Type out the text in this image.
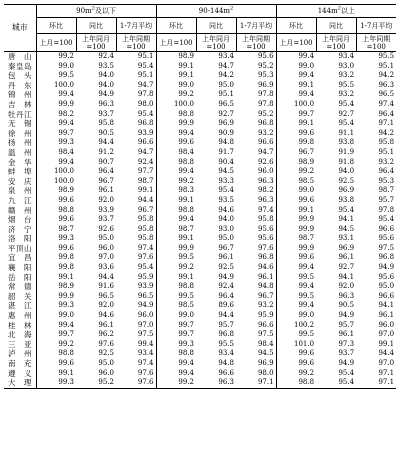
城市	$90m^2$及以下			$90-144m^2$			$144m^2$以上		
	环比	同比	1-7月平均	环比	同比	1-7月平均	环比	同比	1-7月平均
	上月=100	上年同月=100	上年同期=100	上月=100	上年同月=100	上年同期=100	上月=100	上年同月=100	上年同期=100
唐山	99.2	92.4	95.1	98.9	93.4	95.6	99.4	93.4	95.5
秦皇岛	99.0	93.5	95.4	99.1	94.7	95.2	99.0	93.0	95.1
包头	99.5	94.0	95.1	99.1	94.2	95.3	99.4	93.2	94.2
丹东	100.0	94.0	94.7	99.0	95.0	96.9	99.1	95.5	96.3
锦州	99.4	94.9	97.8	99.2	95.1	97.8	99.4	93.2	96.5
吉林	99.9	96.3	98.0	100.0	96.5	97.8	100.0	95.4	97.4
牡丹江	98.2	93.7	95.4	98.8	92.7	95.2	99.7	92.7	96.4
无锡	99.4	95.8	96.8	99.9	96.9	96.8	99.1	95.4	97.1
徐州	99.7	90.5	93.9	99.4	90.9	93.2	99.6	91.1	94.2
扬州	99.3	94.4	96.6	99.6	94.8	96.6	99.8	93.8	95.8
温州	98.4	91.2	94.7	98.4	91.7	94.7	96.7	91.9	95.1
金华	99.4	90.7	92.4	98.8	90.4	92.6	98.9	91.8	93.2
蚌埠	100.0	96.4	97.7	99.4	94.5	96.0	99.2	94.0	96.4
安庆	100.0	96.7	98.7	99.2	93.3	96.3	98.5	92.5	95.3
泉州	98.9	96.1	99.1	98.3	95.4	98.2	99.0	96.9	98.7
九江	99.6	92.0	94.4	99.1	93.5	96.3	99.6	93.8	95.7
赣州	98.8	93.9	96.7	98.8	94.6	97.4	99.1	95.4	97.8
烟台	99.6	93.7	95.8	99.4	94.0	95.8	99.9	94.1	95.4
济宁	98.7	92.6	95.8	98.7	93.0	95.6	99.9	94.5	96.6
洛阳	99.3	95.0	95.8	99.1	95.0	95.6	98.7	93.1	95.6
平顶山	99.6	96.0	97.4	99.9	96.7	97.6	99.9	96.9	97.5
宜昌	99.8	97.0	97.6	99.5	96.1	96.8	99.6	96.1	96.8
襄阳	99.8	93.6	95.4	99.2	92.5	94.6	99.4	92.7	94.9
岳阳	99.1	94.4	95.9	99.1	94.9	96.1	99.5	94.1	95.6
常德	98.9	91.6	93.9	98.8	92.4	94.8	99.4	92.0	95.0
韶关	99.9	96.5	96.5	99.5	96.4	96.7	99.5	96.3	96.6
湛江	99.3	92.0	94.9	98.5	89.6	93.2	99.4	90.5	94.1
惠州	99.0	94.6	96.0	99.0	94.4	95.9	99.0	94.9	96.1
桂林	99.4	96.1	97.0	99.7	95.7	96.6	100.2	95.7	96.0
北海	99.7	96.2	97.5	99.7	96.8	97.5	99.5	96.1	97.0
三亚	99.2	97.6	99.4	99.3	95.5	98.4	101.0	97.3	99.1
泸州	98.8	92.5	93.4	98.8	93.4	94.5	99.6	93.7	94.4
南充	99.6	95.0	97.4	99.4	94.8	96.9	99.6	94.9	97.0
遵义	99.1	96.0	97.6	99.4	96.6	98.0	99.2	95.4	97.1
大理	99.3	95.2	97.6	99.2	96.3	97.1	98.8	95.4	97.1
